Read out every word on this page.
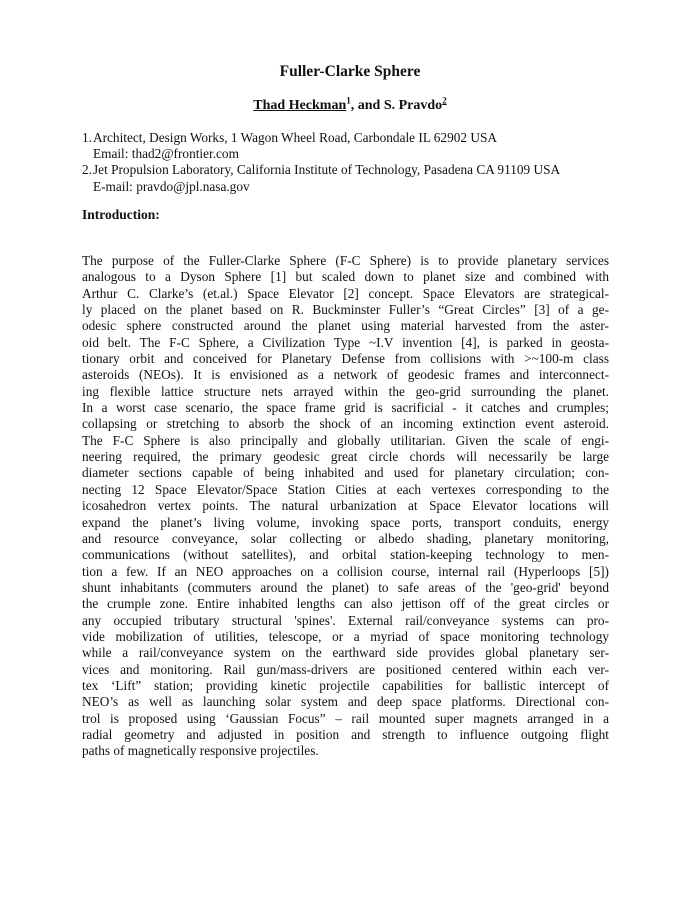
Fuller-Clarke Sphere
Thad Heckman$^1$, and S. Pravdo$^2$
1. Architect, Design Works, 1 Wagon Wheel Road, Carbondale IL 62902 USA
Email: thad2@frontier.com
2. Jet Propulsion Laboratory, California Institute of Technology, Pasadena CA 91109 USA
E-mail: pravdo@jpl.nasa.gov
Introduction:
The purpose of the Fuller-Clarke Sphere (F-C Sphere) is to provide planetary services
analogous to a Dyson Sphere [1] but scaled down to planet size and combined with
Arthur C. Clarke’s (et.al.) Space Elevator [2] concept. Space Elevators are strategical-
ly placed on the planet based on R. Buckminster Fuller’s “Great Circles” [3] of a ge-
odesic sphere constructed around the planet using material harvested from the aster-
oid belt. The F-C Sphere, a Civilization Type ~I.V invention [4], is parked in geosta-
tionary orbit and conceived for Planetary Defense from collisions with >~100-m class
asteroids (NEOs). It is envisioned as a network of geodesic frames and interconnect-
ing flexible lattice structure nets arrayed within the geo-grid surrounding the planet.
In a worst case scenario, the space frame grid is sacrificial - it catches and crumples;
collapsing or stretching to absorb the shock of an incoming extinction event asteroid.
The F-C Sphere is also principally and globally utilitarian. Given the scale of engi-
neering required, the primary geodesic great circle chords will necessarily be large
diameter sections capable of being inhabited and used for planetary circulation; con-
necting 12 Space Elevator/Space Station Cities at each vertexes corresponding to the
icosahedron vertex points. The natural urbanization at Space Elevator locations will
expand the planet’s living volume, invoking space ports, transport conduits, energy
and resource conveyance, solar collecting or albedo shading, planetary monitoring,
communications (without satellites), and orbital station-keeping technology to men-
tion a few. If an NEO approaches on a collision course, internal rail (Hyperloops [5])
shunt inhabitants (commuters around the planet) to safe areas of the 'geo-grid' beyond
the crumple zone. Entire inhabited lengths can also jettison off of the great circles or
any occupied tributary structural 'spines'. External rail/conveyance systems can pro-
vide mobilization of utilities, telescope, or a myriad of space monitoring technology
while a rail/conveyance system on the earthward side provides global planetary ser-
vices and monitoring. Rail gun/mass-drivers are positioned centered within each ver-
tex ‘Lift” station; providing kinetic projectile capabilities for ballistic intercept of
NEO’s as well as launching solar system and deep space platforms. Directional con-
trol is proposed using ‘Gaussian Focus” – rail mounted super magnets arranged in a
radial geometry and adjusted in position and strength to influence outgoing flight
paths of magnetically responsive projectiles.
